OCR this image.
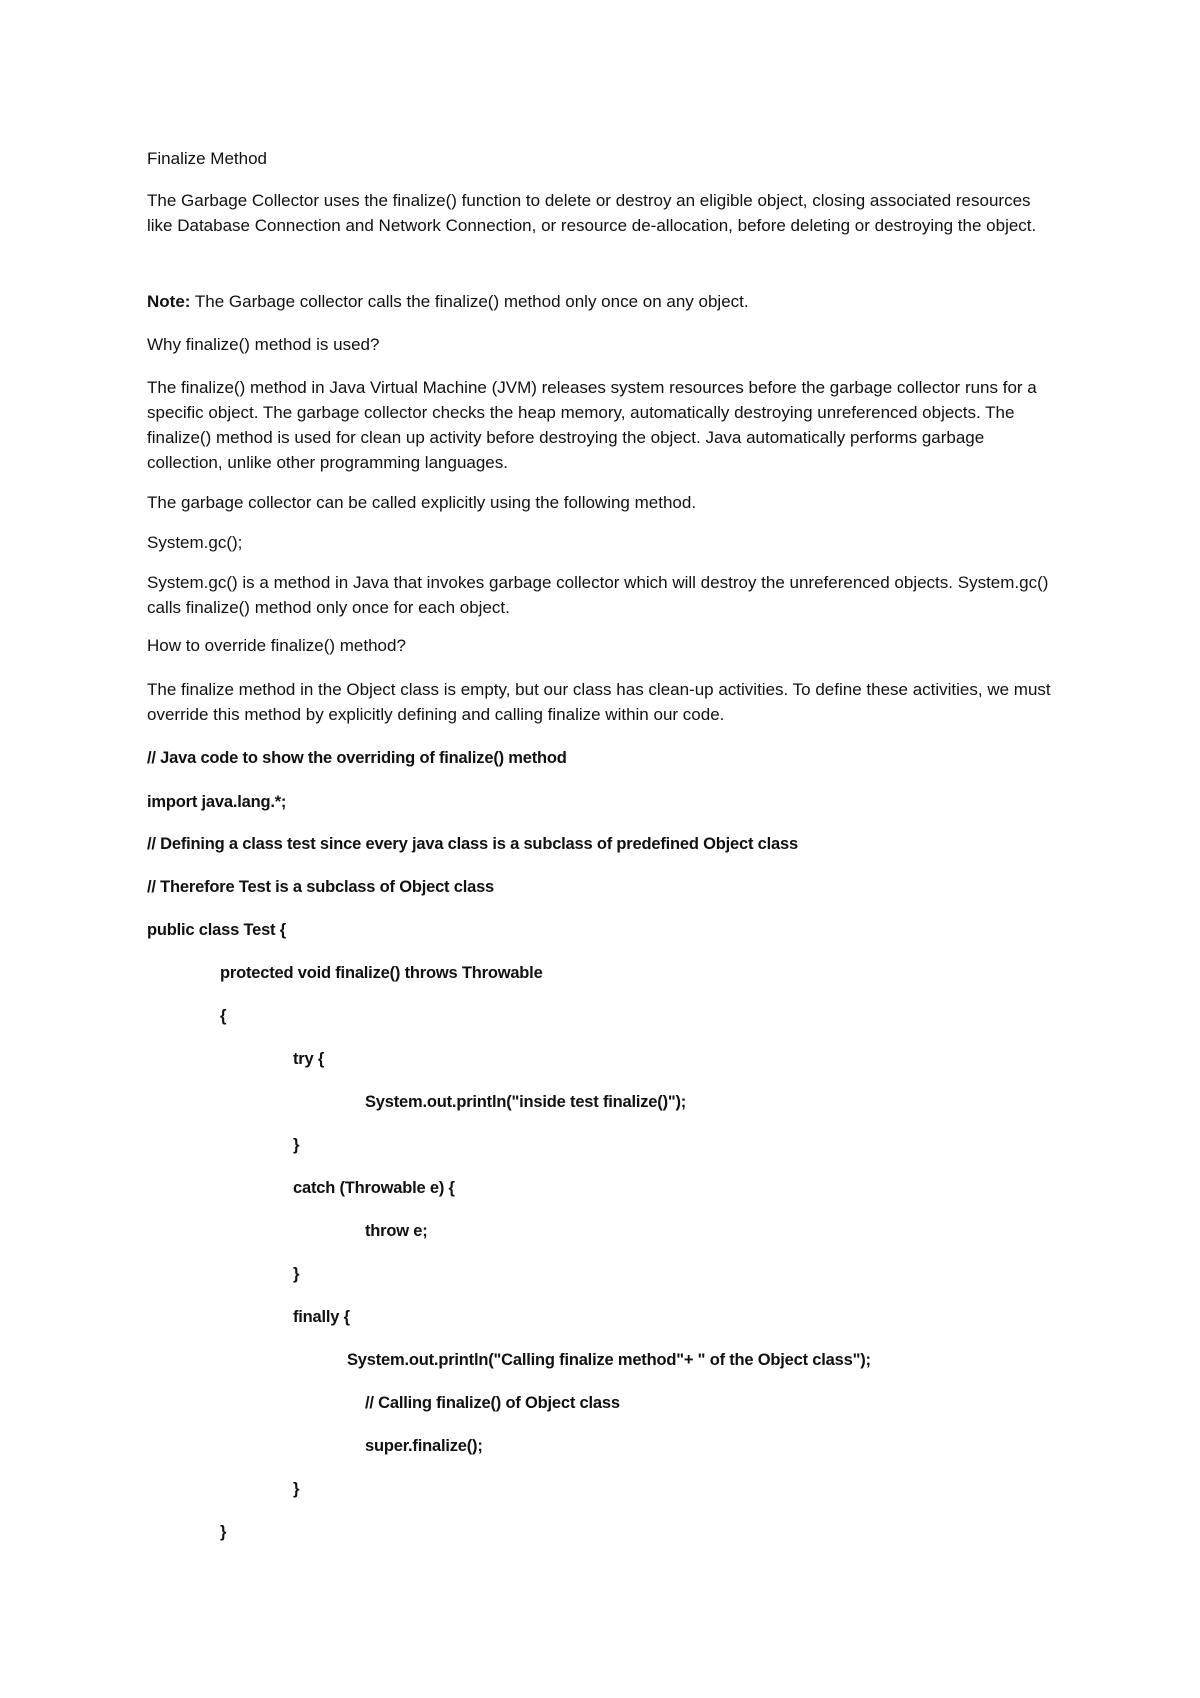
Finalize Method
The Garbage Collector uses the finalize() function to delete or destroy an eligible object, closing associated resources like Database Connection and Network Connection, or resource de-allocation, before deleting or destroying the object.
Note: The Garbage collector calls the finalize() method only once on any object.
Why finalize() method is used?
The finalize() method in Java Virtual Machine (JVM) releases system resources before the garbage collector runs for a specific object. The garbage collector checks the heap memory, automatically destroying unreferenced objects. The finalize() method is used for clean up activity before destroying the object. Java automatically performs garbage collection, unlike other programming languages.
The garbage collector can be called explicitly using the following method.
System.gc();
System.gc() is a method in Java that invokes garbage collector which will destroy the unreferenced objects. System.gc() calls finalize() method only once for each object.
How to override finalize() method?
The finalize method in the Object class is empty, but our class has clean-up activities. To define these activities, we must override this method by explicitly defining and calling finalize within our code.
// Java code to show the overriding of finalize() method
import java.lang.*;
// Defining a class test since every java class is a subclass of predefined Object class
// Therefore Test is a subclass of Object class
public class Test {
protected void finalize() throws Throwable
{
try {
System.out.println("inside test finalize()");
}
catch (Throwable e) {
throw e;
}
finally {
System.out.println("Calling finalize method"+ " of the Object class");
// Calling finalize() of Object class
super.finalize();
}
}
